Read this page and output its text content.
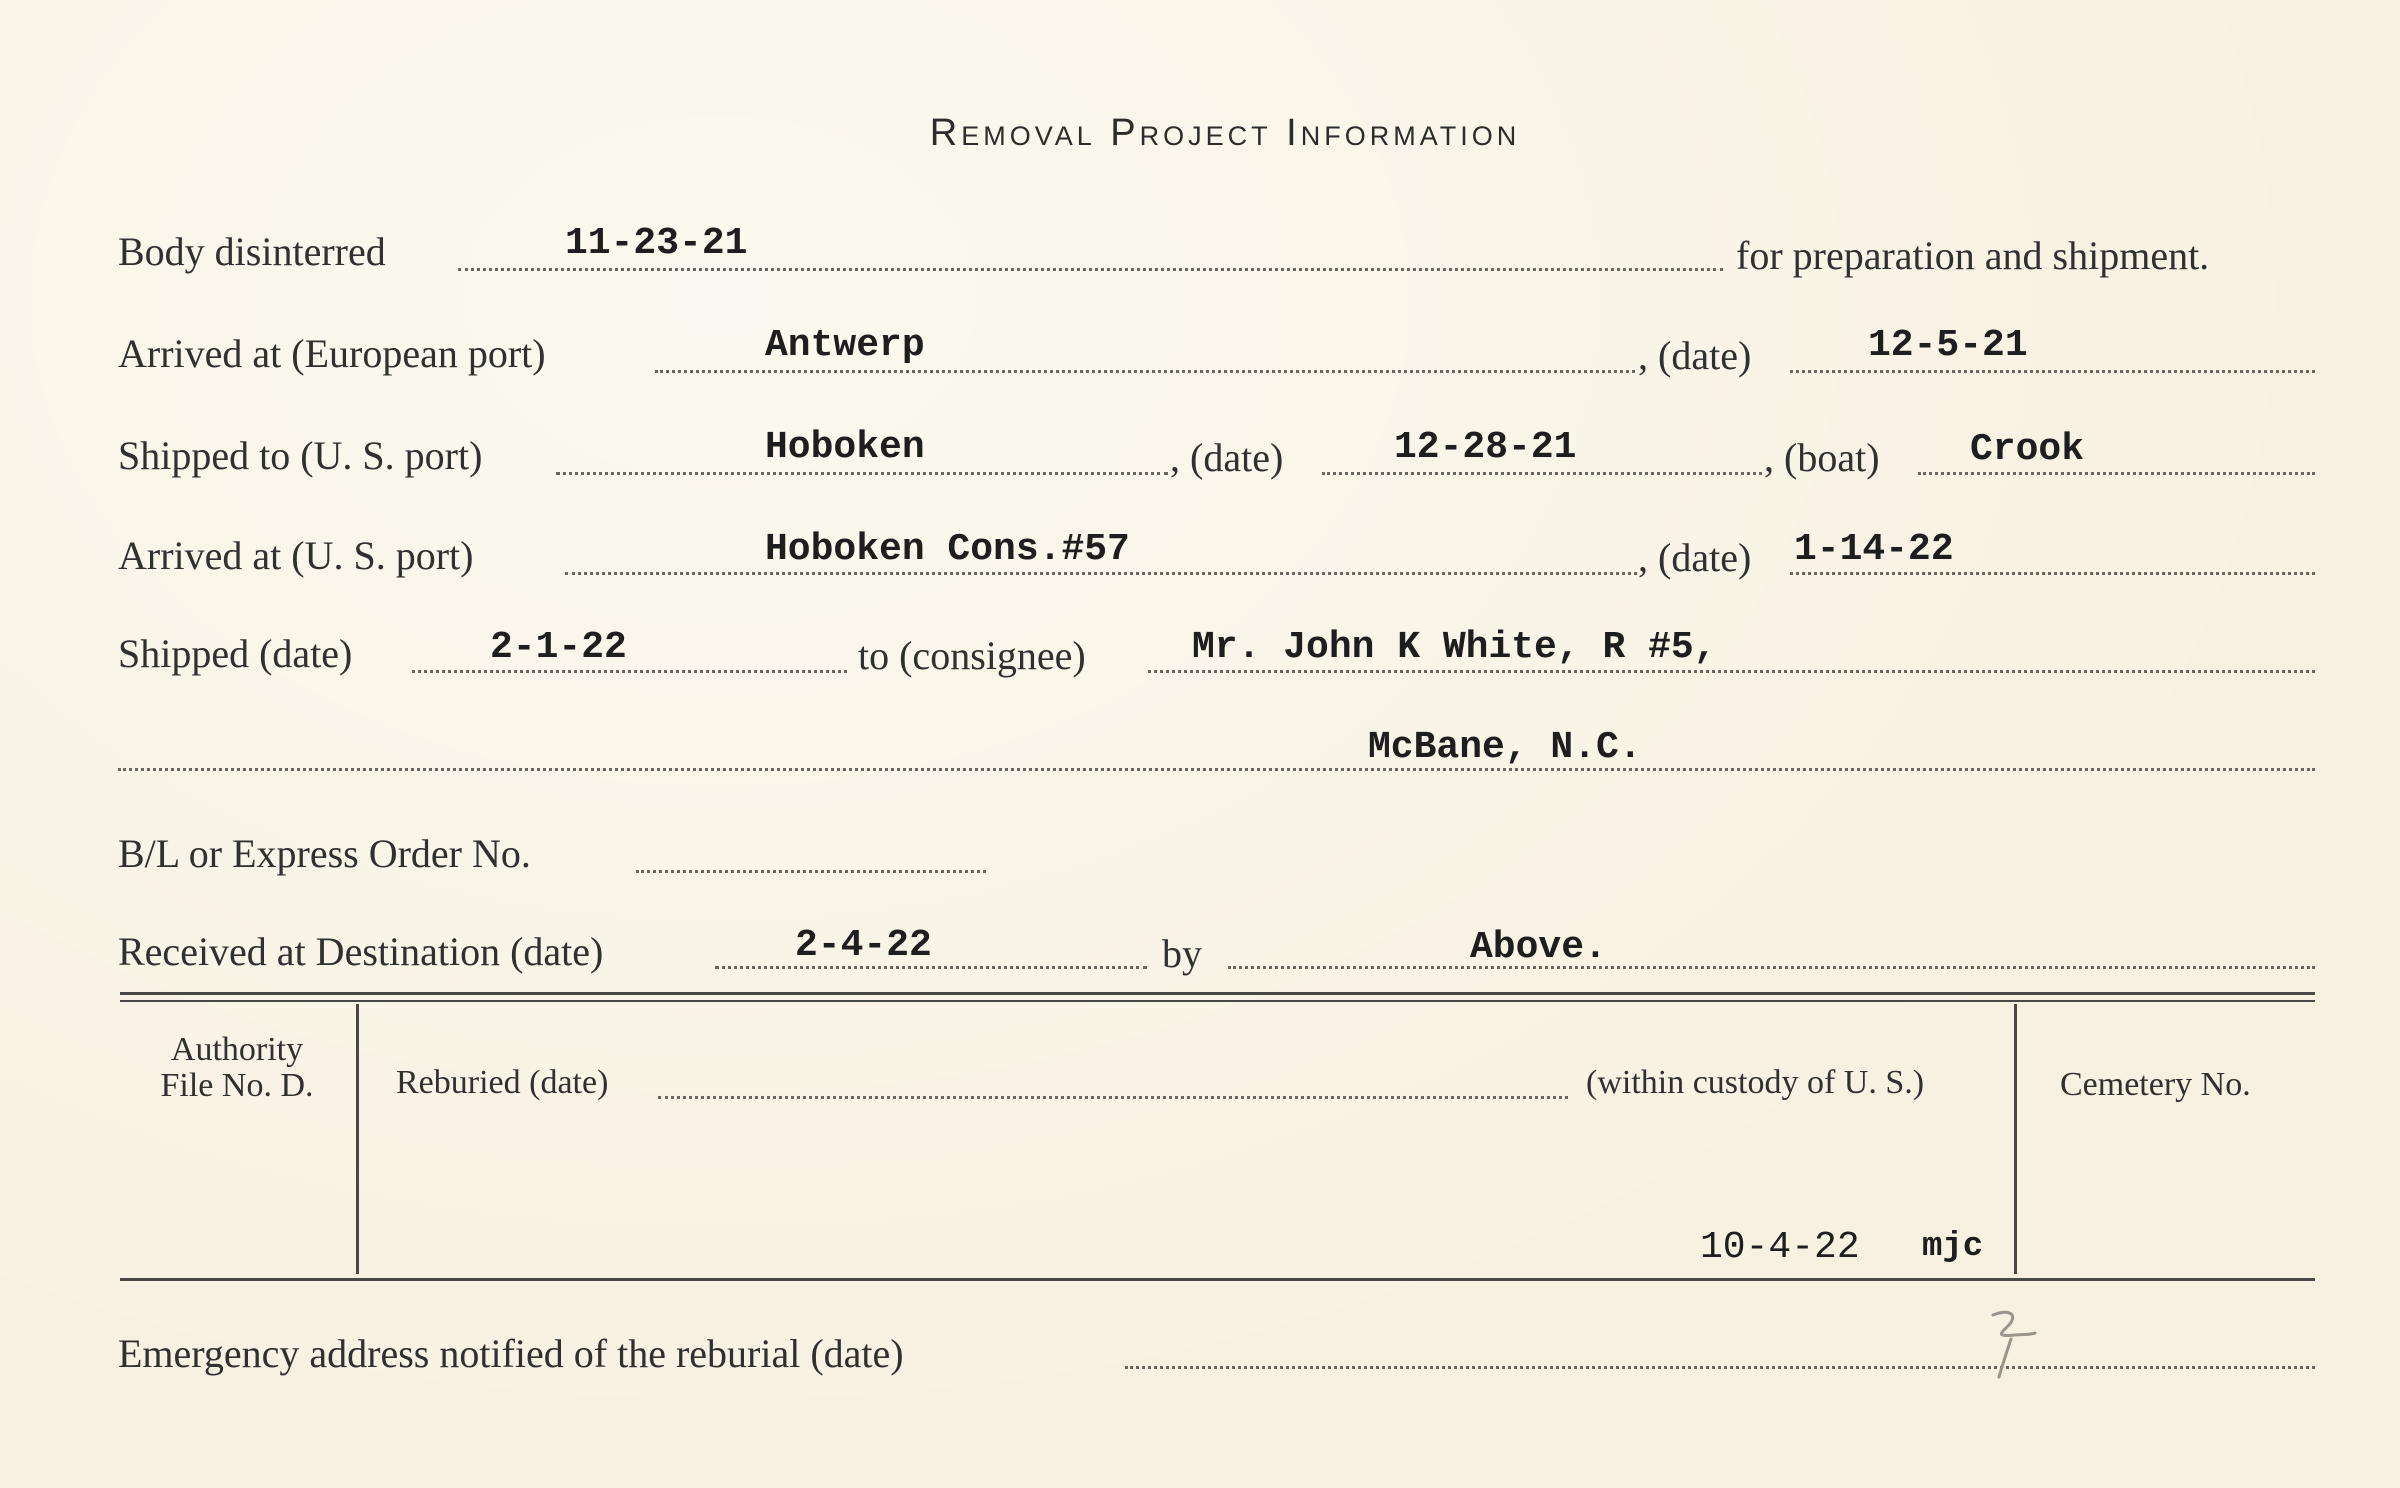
Removal Project Information
Body disinterred	11-23-21	for preparation and shipment.
Arrived at (European port)	Antwerp	, (date)	12-5-21
Shipped to (U. S. port)	Hoboken	, (date)	12-28-21	, (boat) Crook
Arrived at (U. S. port)	Hoboken Cons.#57	, (date) 1-14-22
Shipped (date)	2-1-22	to (consignee)	Mr. John K White, R #5,
McBane, N.C.
B/L or Express Order No.
Received at Destination (date)	2-4-22	by	Above.
Authority
File No. D.	Reburied (date)	(within custody of U. S.)	Cemetery No.
10-4-22 mjc
Emergency address notified of the reburial (date)
